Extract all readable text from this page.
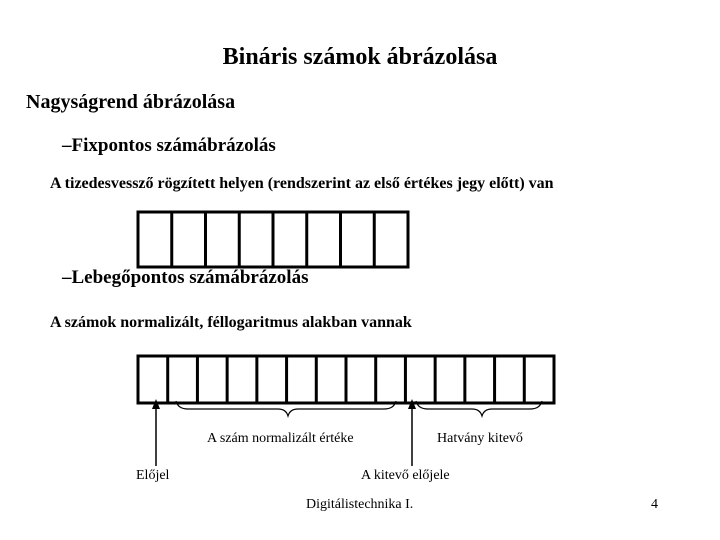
Bináris számok ábrázolása
Nagyságrend ábrázolása
–Fixpontos számábrázolás
A tizedesvessző rögzített helyen (rendszerint az első értékes jegy előtt) van
–Lebegőpontos számábrázolás
A számok normalizált, féllogaritmus alakban vannak
A szám normalizált értéke	Hatvány kitevő
Előjel	A kitevő előjele
Digitálistechnika I.	4
